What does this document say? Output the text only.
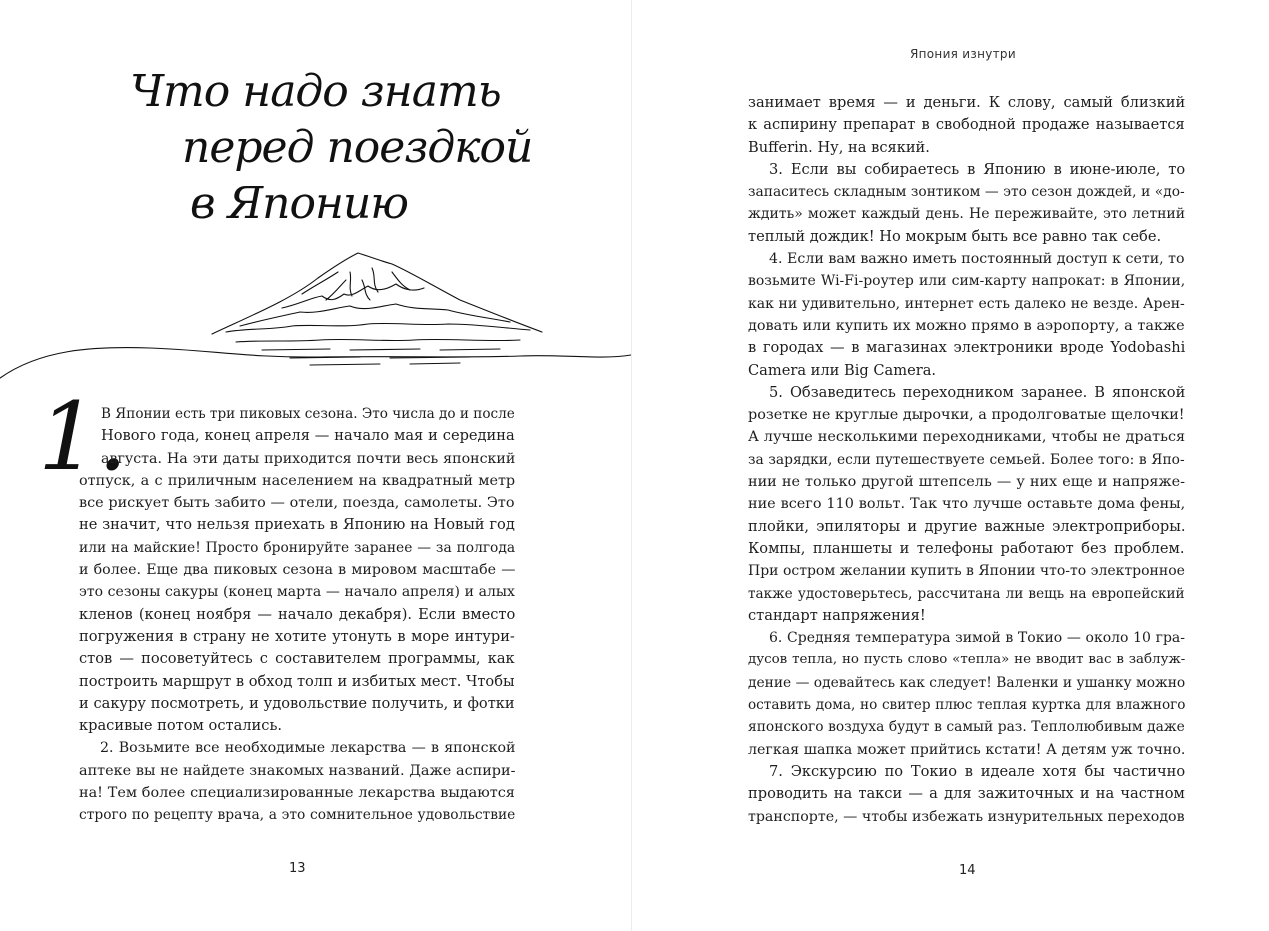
Что надо знать
перед поездкой
в Японию
1.
В Японии есть три пиковых сезона. Это числа до и после
Нового года, конец апреля — начало мая и середина
августа. На эти даты приходится почти весь японский
отпуск, а с приличным населением на квадратный метр
все рискует быть забито — отели, поезда, самолеты. Это
не значит, что нельзя приехать в Японию на Новый год
или на майские! Просто бронируйте заранее — за полгода
и более. Еще два пиковых сезона в мировом масштабе —
это сезоны сакуры (конец марта — начало апреля) и алых
кленов (конец ноября — начало декабря). Если вместо
погружения в страну не хотите утонуть в море интури-
стов — посоветуйтесь с составителем программы, как
построить маршрут в обход толп и избитых мест. Чтобы
и сакуру посмотреть, и удовольствие получить, и фотки
красивые потом остались.
2. Возьмите все необходимые лекарства — в японской
аптеке вы не найдете знакомых названий. Даже аспири-
на! Тем более специализированные лекарства выдаются
строго по рецепту врача, а это сомнительное удовольствие
13
Япония изнутри
занимает время — и деньги. К слову, самый близкий
к аспирину препарат в свободной продаже называется
Bufferin. Ну, на всякий.
3. Если вы собираетесь в Японию в июне-июле, то
запаситесь складным зонтиком — это сезон дождей, и «до-
ждить» может каждый день. Не переживайте, это летний
теплый дождик! Но мокрым быть все равно так себе.
4. Если вам важно иметь постоянный доступ к сети, то
возьмите Wi-Fi-роутер или сим-карту напрокат: в Японии,
как ни удивительно, интернет есть далеко не везде. Арен-
довать или купить их можно прямо в аэропорту, а также
в городах — в магазинах электроники вроде Yodobashi
Camera или Big Camera.
5. Обзаведитесь переходником заранее. В японской
розетке не круглые дырочки, а продолговатые щелочки!
А лучше несколькими переходниками, чтобы не драться
за зарядки, если путешествуете семьей. Более того: в Япо-
нии не только другой штепсель — у них еще и напряже-
ние всего 110 вольт. Так что лучше оставьте дома фены,
плойки, эпиляторы и другие важные электроприборы.
Компы, планшеты и телефоны работают без проблем.
При остром желании купить в Японии что-то электронное
также удостоверьтесь, рассчитана ли вещь на европейский
стандарт напряжения!
6. Средняя температура зимой в Токио — около 10 гра-
дусов тепла, но пусть слово «тепла» не вводит вас в заблуж-
дение — одевайтесь как следует! Валенки и ушанку можно
оставить дома, но свитер плюс теплая куртка для влажного
японского воздуха будут в самый раз. Теплолюбивым даже
легкая шапка может прийтись кстати! А детям уж точно.
7. Экскурсию по Токио в идеале хотя бы частично
проводить на такси — а для зажиточных и на частном
транспорте, — чтобы избежать изнурительных переходов
14
